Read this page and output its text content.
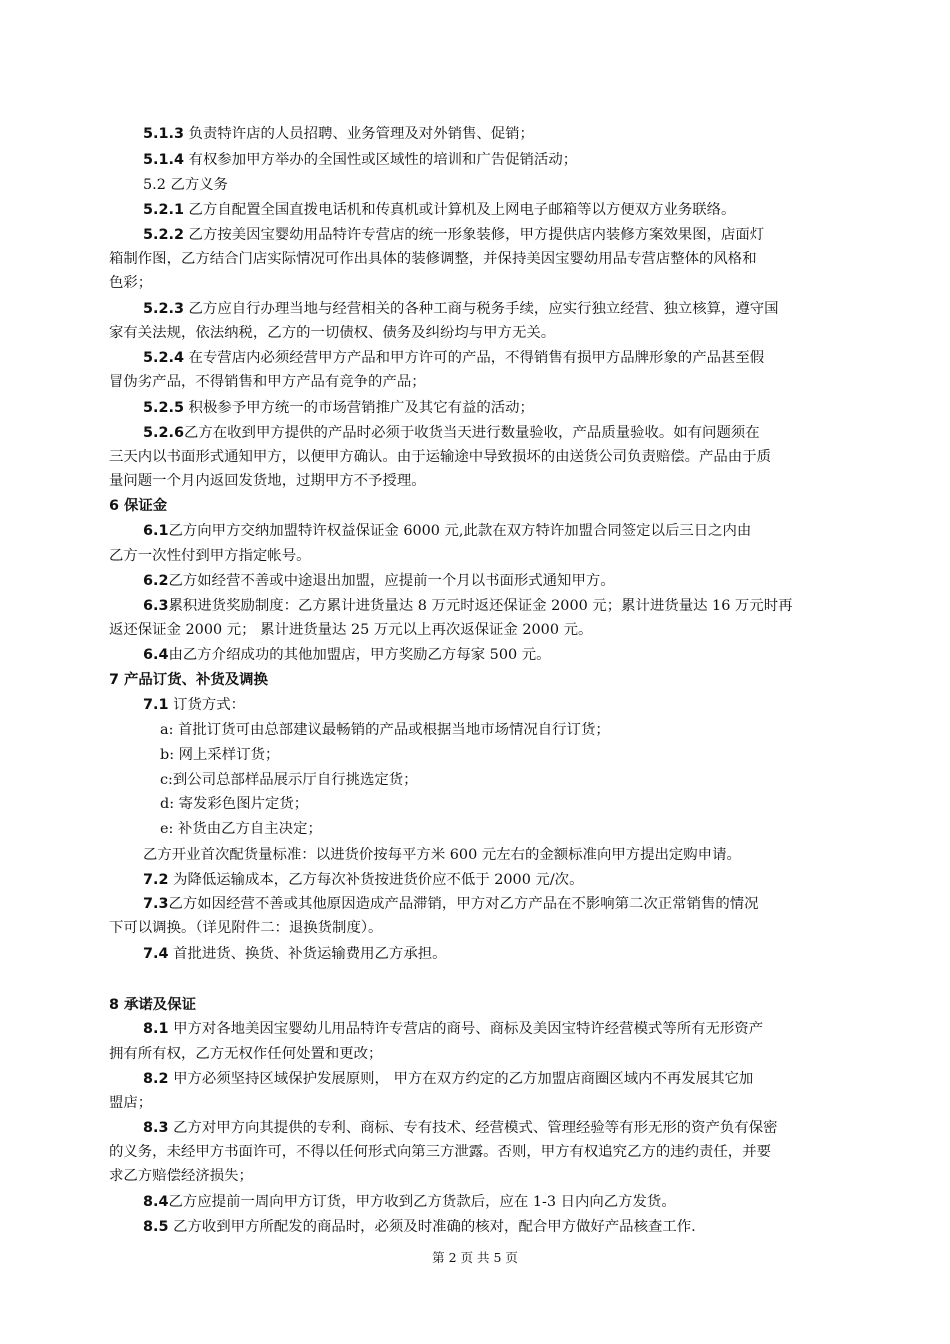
5.1.3 负责特许店的人员招聘、业务管理及对外销售、促销；
5.1.4 有权参加甲方举办的全国性或区域性的培训和广告促销活动；
5.2 乙方义务
5.2.1 乙方自配置全国直拨电话机和传真机或计算机及上网电子邮箱等以方便双方业务联络。
5.2.2 乙方按美因宝婴幼用品特许专营店的统一形象装修，甲方提供店内装修方案效果图，店面灯
箱制作图，乙方结合门店实际情况可作出具体的装修调整，并保持美因宝婴幼用品专营店整体的风格和
色彩；
5.2.3 乙方应自行办理当地与经营相关的各种工商与税务手续，应实行独立经营、独立核算，遵守国
家有关法规，依法纳税，乙方的一切债权、债务及纠纷均与甲方无关。
5.2.4 在专营店内必须经营甲方产品和甲方许可的产品，不得销售有损甲方品牌形象的产品甚至假
冒伪劣产品，不得销售和甲方产品有竞争的产品；
5.2.5 积极参予甲方统一的市场营销推广及其它有益的活动；
5.2.6乙方在收到甲方提供的产品时必须于收货当天进行数量验收，产品质量验收。如有问题须在
三天内以书面形式通知甲方，以便甲方确认。由于运输途中导致损坏的由送货公司负责赔偿。产品由于质
量问题一个月内返回发货地，过期甲方不予授理。
6 保证金
6.1乙方向甲方交纳加盟特许权益保证金 6000 元,此款在双方特许加盟合同签定以后三日之内由
乙方一次性付到甲方指定帐号。
6.2乙方如经营不善或中途退出加盟，应提前一个月以书面形式通知甲方。
6.3累积进货奖励制度：乙方累计进货量达 8 万元时返还保证金 2000 元；累计进货量达 16 万元时再
返还保证金 2000 元； 累计进货量达 25 万元以上再次返保证金 2000 元。
6.4由乙方介绍成功的其他加盟店，甲方奖励乙方每家 500 元。
7 产品订货、补货及调换
7.1 订货方式：
a: 首批订货可由总部建议最畅销的产品或根据当地市场情况自行订货；
b: 网上采样订货；
c:到公司总部样品展示厅自行挑选定货；
d: 寄发彩色图片定货；
e: 补货由乙方自主决定；
乙方开业首次配货量标准：以进货价按每平方米 600 元左右的金额标准向甲方提出定购申请。
7.2 为降低运输成本，乙方每次补货按进货价应不低于 2000 元/次。
7.3乙方如因经营不善或其他原因造成产品滞销，甲方对乙方产品在不影响第二次正常销售的情况
下可以调换。（详见附件二：退换货制度）。
7.4 首批进货、换货、补货运输费用乙方承担。
8 承诺及保证
8.1 甲方对各地美因宝婴幼儿用品特许专营店的商号、商标及美因宝特许经营模式等所有无形资产
拥有所有权，乙方无权作任何处置和更改；
8.2 甲方必须坚持区域保护发展原则， 甲方在双方约定的乙方加盟店商圈区域内不再发展其它加
盟店；
8.3 乙方对甲方向其提供的专利、商标、专有技术、经营模式、管理经验等有形无形的资产负有保密
的义务，未经甲方书面许可，不得以任何形式向第三方泄露。否则，甲方有权追究乙方的违约责任，并要
求乙方赔偿经济损失；
8.4乙方应提前一周向甲方订货，甲方收到乙方货款后，应在 1-3 日内向乙方发货。
8.5 乙方收到甲方所配发的商品时，必须及时准确的核对，配合甲方做好产品核查工作.
第 2 页 共 5 页
